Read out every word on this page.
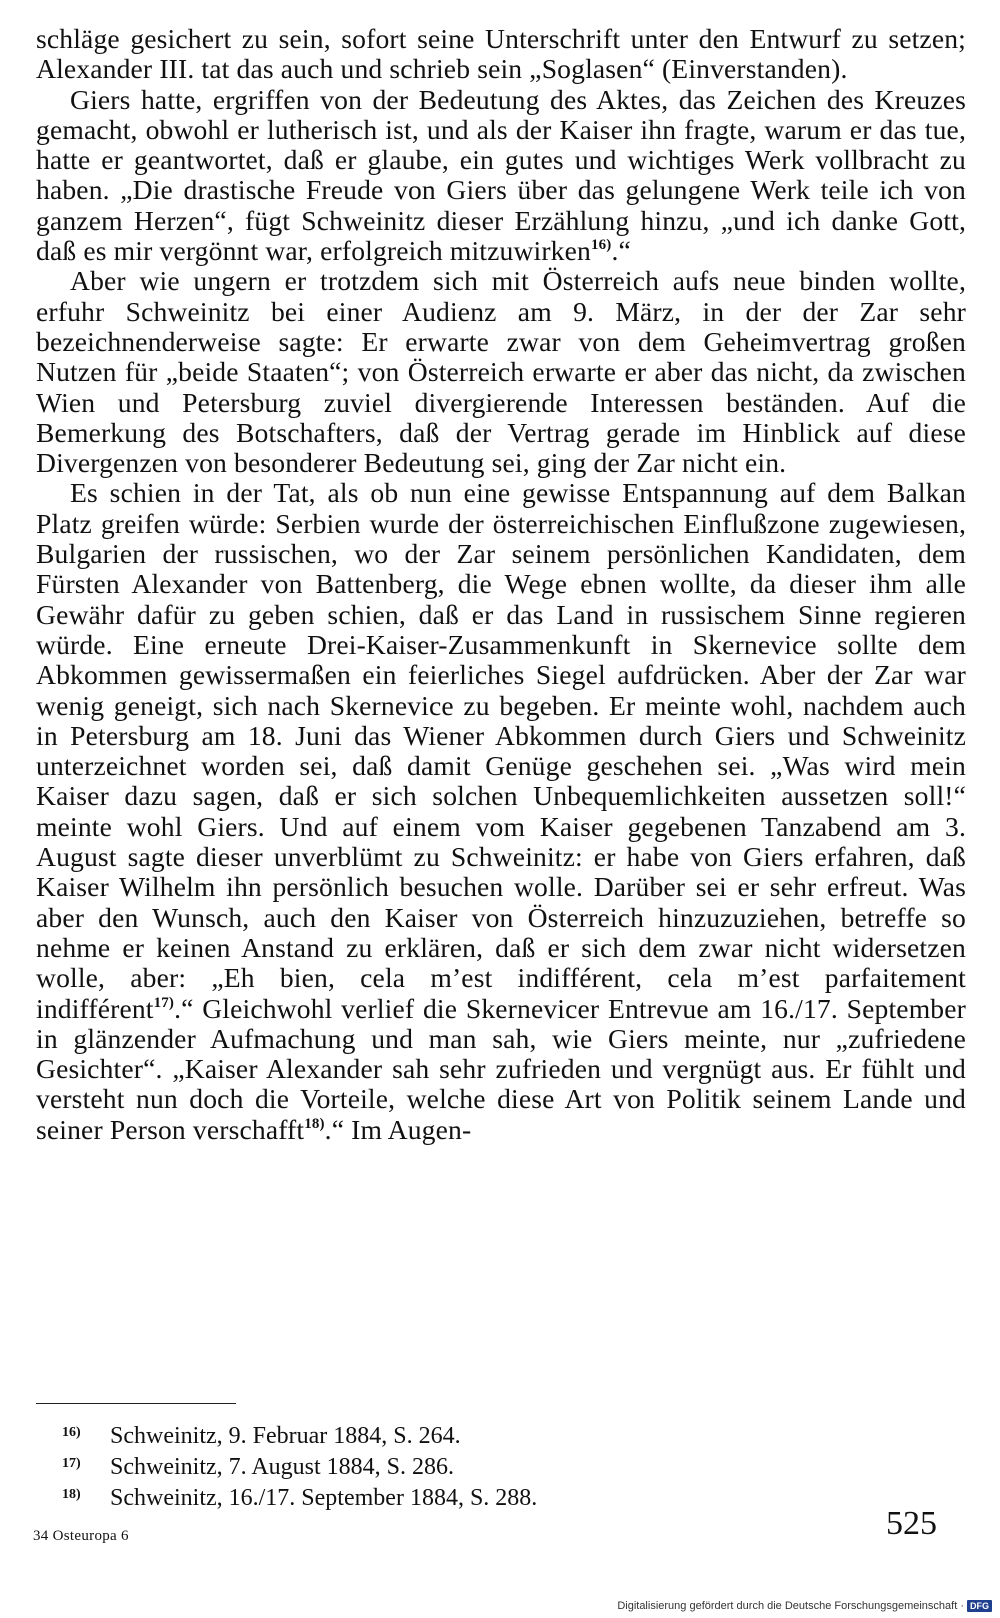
schläge gesichert zu sein, sofort seine Unterschrift unter den Entwurf zu setzen; Alexander III. tat das auch und schrieb sein „Soglasen“ (Einverstanden).

Giers hatte, ergriffen von der Bedeutung des Aktes, das Zeichen des Kreuzes gemacht, obwohl er lutherisch ist, und als der Kaiser ihn fragte, warum er das tue, hatte er geantwortet, daß er glaube, ein gutes und wichtiges Werk vollbracht zu haben. „Die drastische Freude von Giers über das gelungene Werk teile ich von ganzem Herzen“, fügt Schweinitz dieser Erzählung hinzu, „und ich danke Gott, daß es mir vergönnt war, erfolgreich mitzuwirken$^{16)}$.“

Aber wie ungern er trotzdem sich mit Österreich aufs neue binden wollte, erfuhr Schweinitz bei einer Audienz am 9. März, in der der Zar sehr bezeichnenderweise sagte: Er erwarte zwar von dem Geheimvertrag großen Nutzen für „beide Staaten“; von Österreich erwarte er aber das nicht, da zwischen Wien und Petersburg zuviel divergierende Interessen beständen. Auf die Bemerkung des Botschafters, daß der Vertrag gerade im Hinblick auf diese Divergenzen von besonderer Bedeutung sei, ging der Zar nicht ein.

Es schien in der Tat, als ob nun eine gewisse Entspannung auf dem Balkan Platz greifen würde: Serbien wurde der österreichischen Einflußzone zugewiesen, Bulgarien der russischen, wo der Zar seinem persönlichen Kandidaten, dem Fürsten Alexander von Battenberg, die Wege ebnen wollte, da dieser ihm alle Gewähr dafür zu geben schien, daß er das Land in russischem Sinne regieren würde. Eine erneute Drei-Kaiser-Zusammenkunft in Skernevice sollte dem Abkommen gewissermaßen ein feierliches Siegel aufdrücken. Aber der Zar war wenig geneigt, sich nach Skernevice zu begeben. Er meinte wohl, nachdem auch in Petersburg am 18. Juni das Wiener Abkommen durch Giers und Schweinitz unterzeichnet worden sei, daß damit Genüge geschehen sei. „Was wird mein Kaiser dazu sagen, daß er sich solchen Unbequemlichkeiten aussetzen soll!“ meinte wohl Giers. Und auf einem vom Kaiser gegebenen Tanzabend am 3. August sagte dieser unverblümt zu Schweinitz: er habe von Giers erfahren, daß Kaiser Wilhelm ihn persönlich besuchen wolle. Darüber sei er sehr erfreut. Was aber den Wunsch, auch den Kaiser von Österreich hinzuzuziehen, betreffe so nehme er keinen Anstand zu erklären, daß er sich dem zwar nicht widersetzen wolle, aber: „Eh bien, cela m’est indifférent, cela m’est parfaitement indifférent$^{17)}$.“ Gleichwohl verlief die Skernevicer Entrevue am 16./17. September in glänzender Aufmachung und man sah, wie Giers meinte, nur „zufriedene Gesichter“. „Kaiser Alexander sah sehr zufrieden und vergnügt aus. Er fühlt und versteht nun doch die Vorteile, welche diese Art von Politik seinem Lande und seiner Person verschafft$^{18)}$.“ Im Augen-

16) Schweinitz, 9. Februar 1884, S. 264.

17) Schweinitz, 7. August 1884, S. 286.

18) Schweinitz, 16./17. September 1884, S. 288.

34 Osteuropa 6	525
Digitalisierung gefördert durch die Deutsche Forschungsgemeinschaft · DFG
